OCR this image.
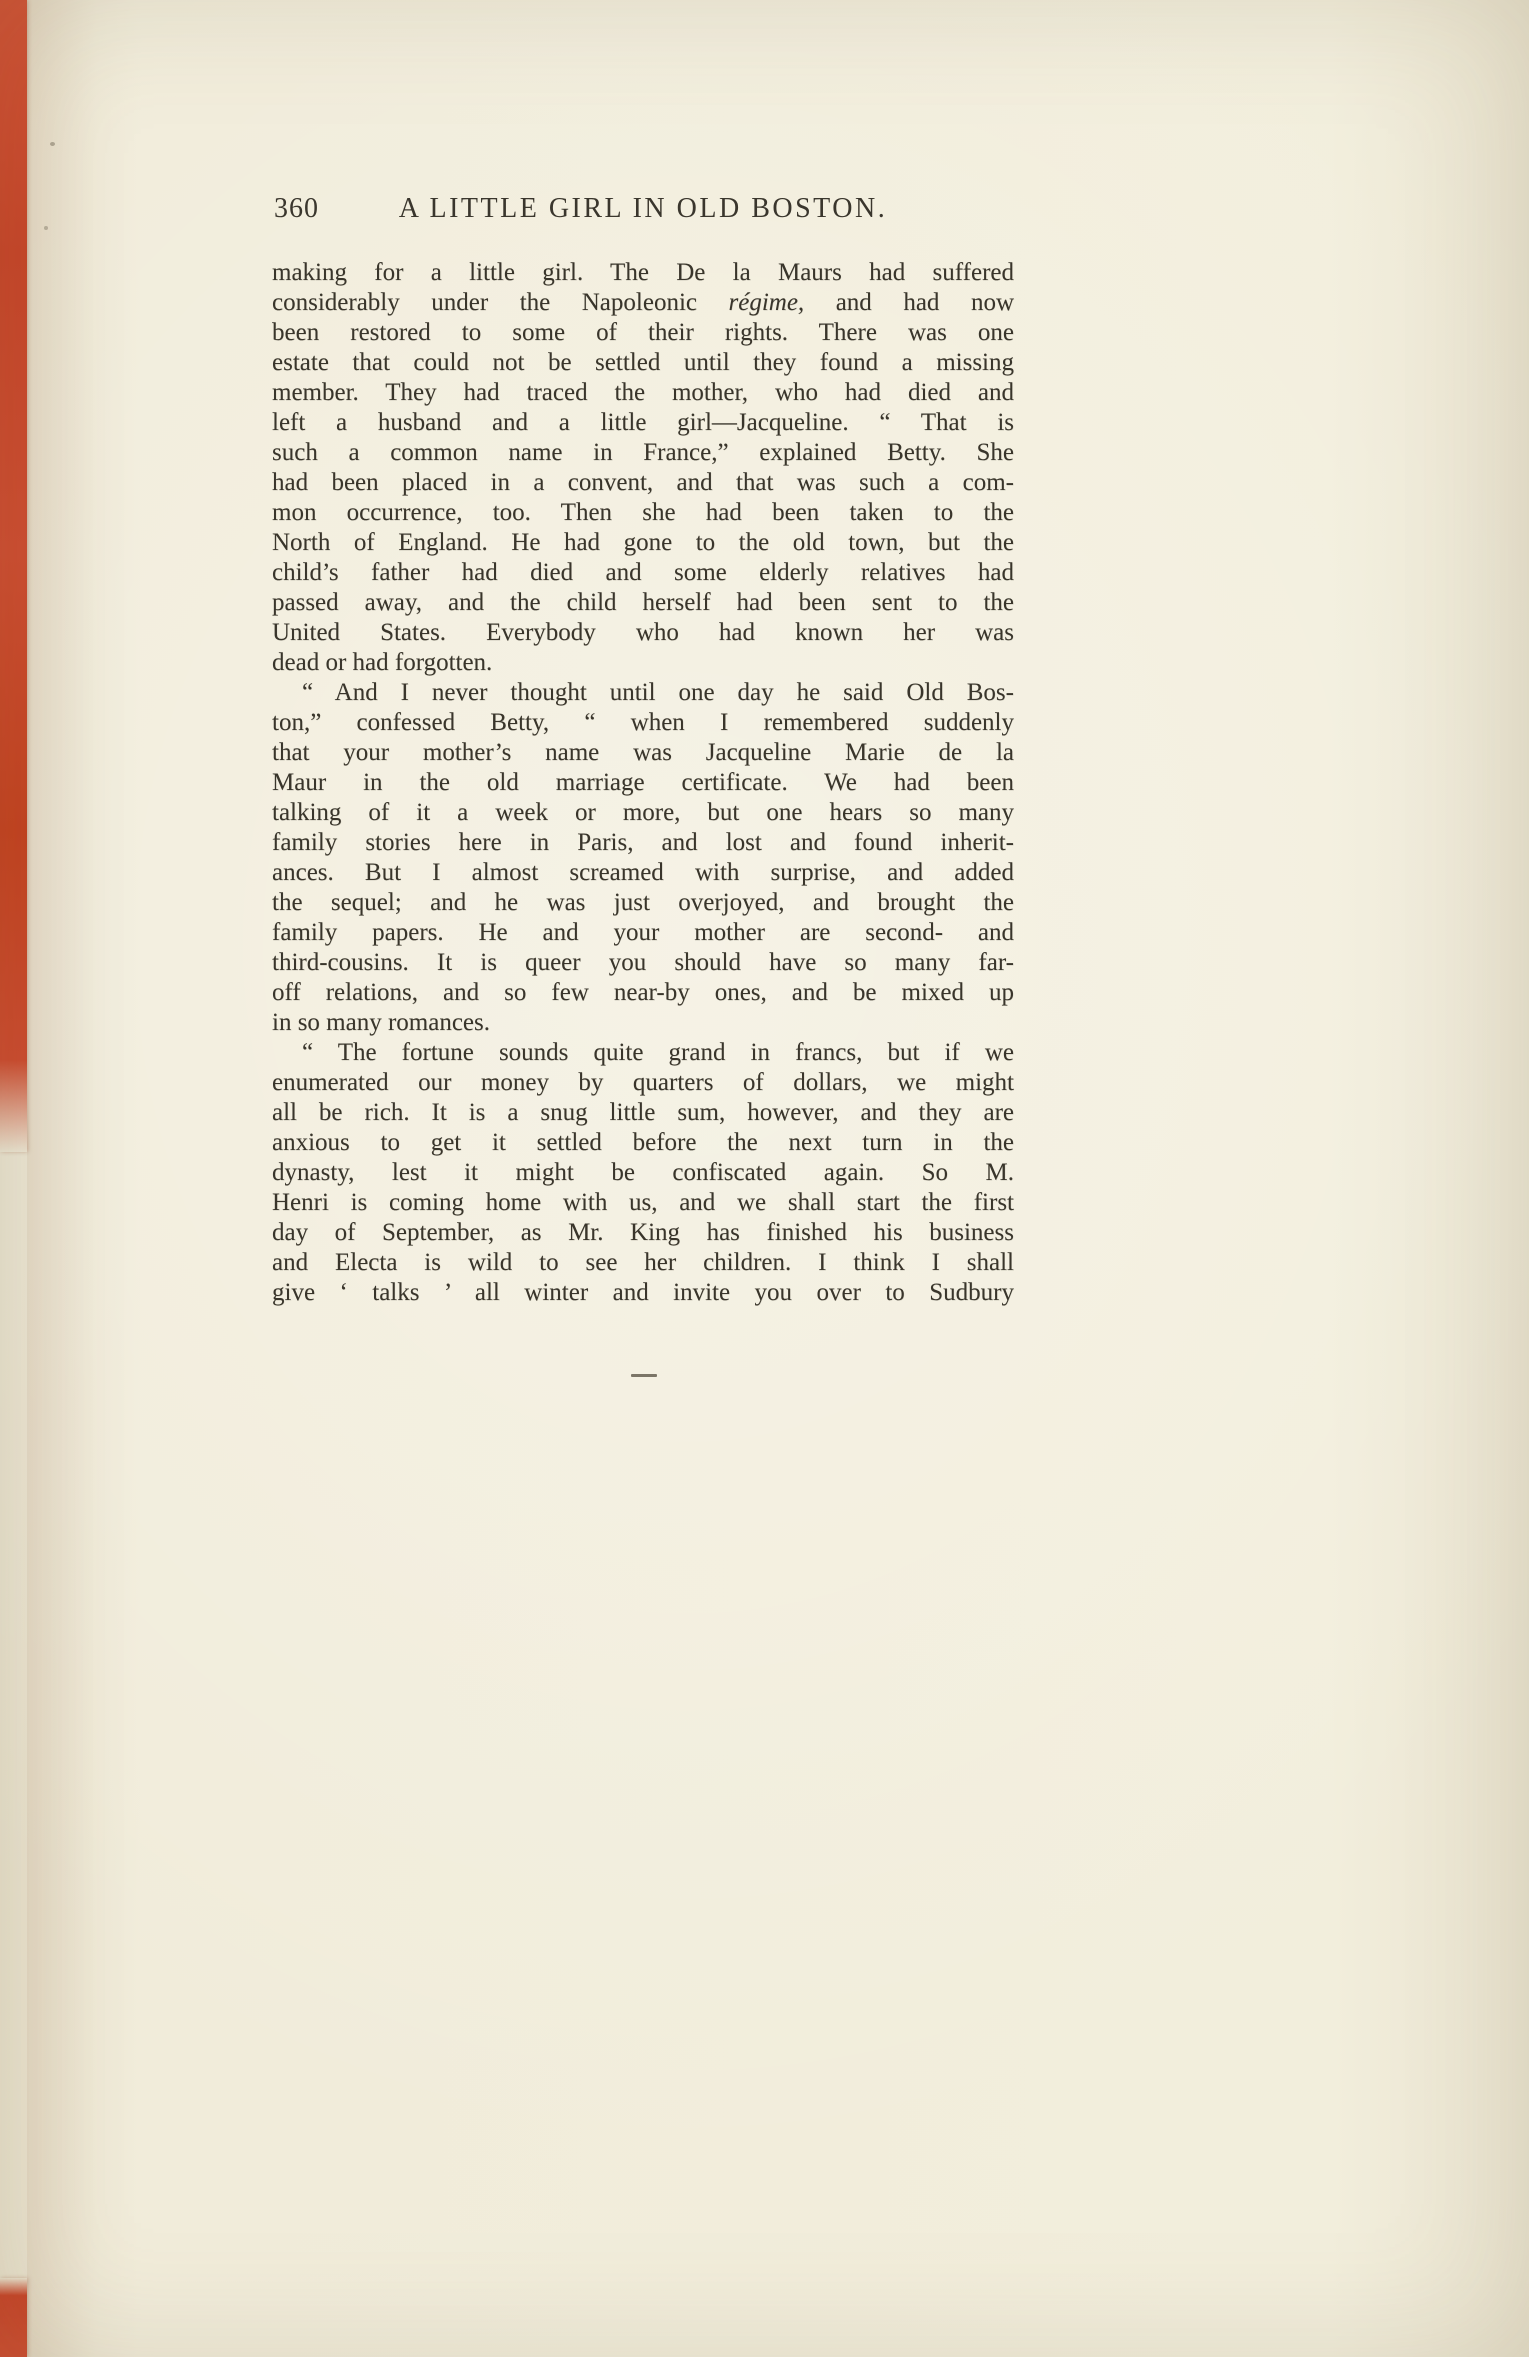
360	A LITTLE GIRL IN OLD BOSTON.
making for a little girl. The De la Maurs had suffered
considerably under the Napoleonic régime, and had now
been restored to some of their rights. There was one
estate that could not be settled until they found a missing
member. They had traced the mother, who had died and
left a husband and a little girl—Jacqueline. “ That is
such a common name in France,” explained Betty. She
had been placed in a convent, and that was such a com-
mon occurrence, too. Then she had been taken to the
North of England. He had gone to the old town, but the
child’s father had died and some elderly relatives had
passed away, and the child herself had been sent to the
United States. Everybody who had known her was
dead or had forgotten.
“ And I never thought until one day he said Old Bos-
ton,” confessed Betty, “ when I remembered suddenly
that your mother’s name was Jacqueline Marie de la
Maur in the old marriage certificate. We had been
talking of it a week or more, but one hears so many
family stories here in Paris, and lost and found inherit-
ances. But I almost screamed with surprise, and added
the sequel; and he was just overjoyed, and brought the
family papers. He and your mother are second- and
third-cousins. It is queer you should have so many far-
off relations, and so few near-by ones, and be mixed up
in so many romances.
“ The fortune sounds quite grand in francs, but if we
enumerated our money by quarters of dollars, we might
all be rich. It is a snug little sum, however, and they are
anxious to get it settled before the next turn in the
dynasty, lest it might be confiscated again. So M.
Henri is coming home with us, and we shall start the first
day of September, as Mr. King has finished his business
and Electa is wild to see her children. I think I shall
give ‘ talks ’ all winter and invite you over to Sudbury
